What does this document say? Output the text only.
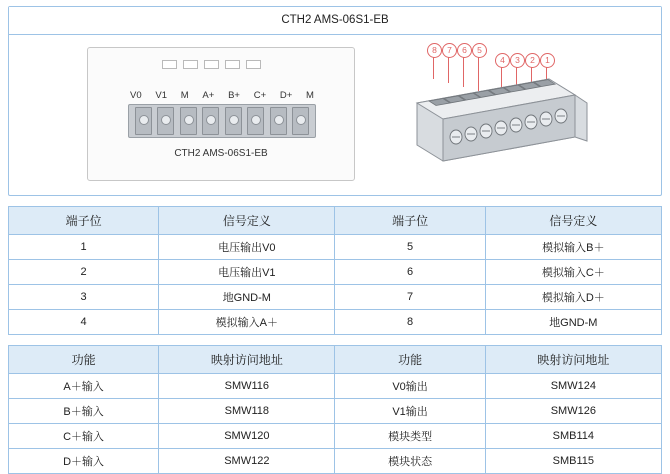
CTH2 AMS-06S1-EB
V0 V1 M A+ B+ C+ D+ M
CTH2 AMS-06S1-EB
8	7	6	5
4	3	2	1
端子位	信号定义	端子位	信号定义
1	电压输出V0	5	模拟输入B＋
2	电压输出V1	6	模拟输入C＋
3	地GND-M	7	模拟输入D＋
4	模拟输入A＋	8	地GND-M
功能	映射访问地址	功能	映射访问地址
A＋输入	SMW116	V0输出	SMW124
B＋输入	SMW118	V1输出	SMW126
C＋输入	SMW120	模块类型	SMB114
D＋输入	SMW122	模块状态	SMB115
